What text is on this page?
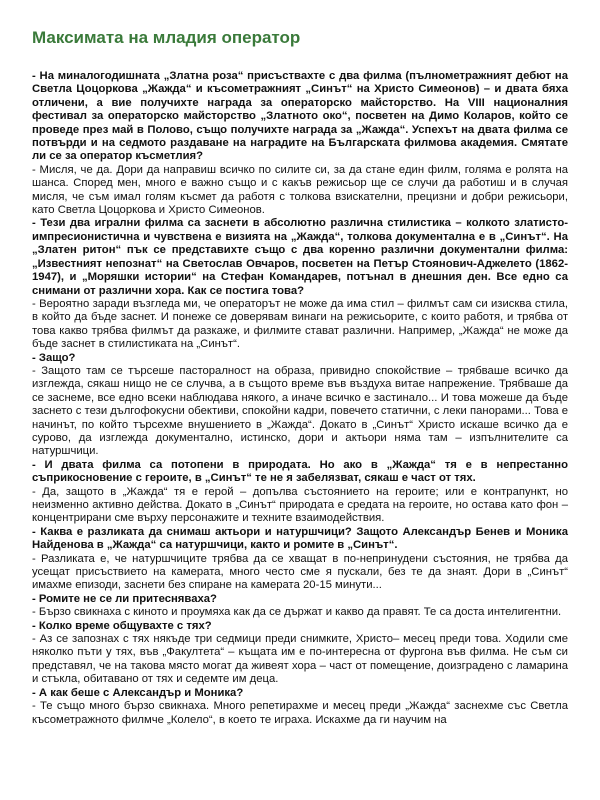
Максимата на младия оператор

- На миналогодишната „Златна роза“ присъствахте с два филма (пълнометражният дебют на Светла Цоцоркова „Жажда“ и късометражният „Синът“ на Христо Симеонов) – и двата бяха отличени, а вие получихте награда за операторско майсторство. На VIII националния фестивал за операторско майсторство „Златното око“, посветен на Димо Коларов, който се проведе през май в Полово, също получихте награда за „Жажда“. Успехът на двата филма се потвърди и на седмото раздаване на наградите на Българската филмова академия. Смятате ли се за оператор късметлия?

- Мисля, че да. Дори да направиш всичко по силите си, за да стане един филм, голяма е ролята на шанса. Според мен, много е важно също и с какъв режисьор ще се случи да работиш и в случая мисля, че съм имал голям късмет да работя с толкова взискателни, прецизни и добри режисьори, като Светла Цоцоркова и Христо Симеонов.

- Тези два игрални филма са заснети в абсолютно различна стилистика – колкото златисто-импресионистична и чувствена е визията на „Жажда“, толкова документална е в „Синът“. На „Златен ритон“ пък се представихте също с два коренно различни документални филма: „Известният непознат“ на Светослав Овчаров, посветен на Петър Стоянович-Аджелето (1862-1947), и „Моряшки истории“ на Стефан Командарев, потънал в днешния ден. Все едно са снимани от различни хора. Как се постига това?

- Вероятно заради възгледа ми, че операторът не може да има стил – филмът сам си изисква стила, в който да бъде заснет. И понеже се доверявам винаги на режисьорите, с които работя, и трябва от това какво трябва филмът да разкаже, и филмите стават различни. Например, „Жажда“ не може да бъде заснет в стилистиката на „Синът“.

- Защо?

- Защото там се търсеше пасторалност на образа, привидно спокойствие – трябваше всичко да изглежда, сякаш нищо не се случва, а в същото време във въздуха витае напрежение. Трябваше да се заснеме, все едно всеки наблюдава някого, а иначе всичко е застинало... И това можеше да бъде заснето с тези дългофокусни обективи, спокойни кадри, повечето статични, с леки панорами... Това е начинът, по който търсехме внушението в „Жажда“. Докато в „Синът“ Христо искаше всичко да е сурово, да изглежда документално, истинско, дори и актьори няма там – изпълнителите са натуршчици.

- И двата филма са потопени в природата. Но ако в „Жажда“ тя е в непрестанно съприкосновение с героите, в „Синът“ те не я забелязват, сякаш е част от тях.

- Да, защото в „Жажда“ тя е герой – допълва състоянието на героите; или е контрапункт, но неизменно активно действа. Докато в „Синът“ природата е средата на героите, но остава като фон – концентрирани сме върху персонажите и техните взаимодействия.

- Каква е разликата да снимаш актьори и натуршчици? Защото Александър Бенев и Моника Найденова в „Жажда“ са натуршчици, както и ромите в „Синът“.

- Разликата е, че натуршчиците трябва да се хващат в по-непринудени състояния, не трябва да усещат присъствието на камерата, много често сме я пускали, без те да знаят. Дори в „Синът“ имахме епизоди, заснети без спиране на камерата 20-15 минути...

- Ромите не се ли притесняваха?

- Бързо свикнаха с киното и проумяха как да се държат и какво да правят. Те са доста интелигентни.

- Колко време общувахте с тях?

- Аз се запознах с тях някъде три седмици преди снимките, Христо– месец преди това. Ходили сме няколко пъти у тях, във „Факултета“ – къщата им е по-интересна от фургона във филма. Не съм си представял, че на такова място могат да живеят хора – част от помещение, доизградено с ламарина и стъкла, обитавано от тях и седемте им деца.

- А как беше с Александър и Моника?

- Те също много бързо свикнаха. Много репетирахме и месец преди „Жажда“ заснехме със Светла късометражното филмче „Колело“, в което те играха. Искахме да ги научим на
